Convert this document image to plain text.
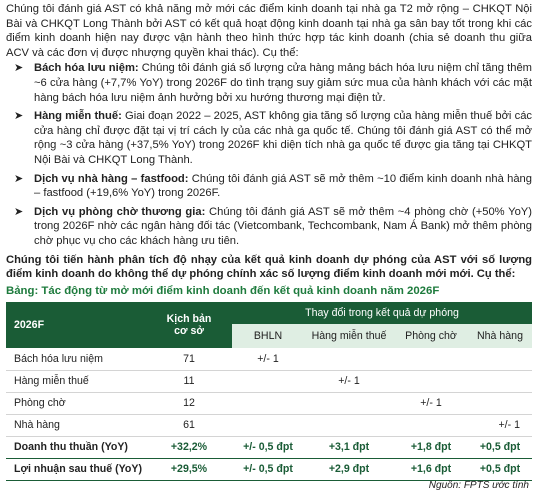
Chúng tôi đánh giá AST có khả năng mở mới các điểm kinh doanh tại nhà ga T2 mở rộng – CHKQT Nội Bài và CHKQT Long Thành bởi AST có kết quả hoạt động kinh doanh tại nhà ga sân bay tốt trong khi các điểm kinh doanh hiện nay được vận hành theo hình thức hợp tác kinh doanh (chia sẻ doanh thu giữa ACV và các đơn vị được nhượng quyền khai thác). Cụ thể:

➤ Bách hóa lưu niệm: Chúng tôi đánh giá số lượng cửa hàng mảng bách hóa lưu niệm chỉ tăng thêm ~6 cửa hàng (+7,7% YoY) trong 2026F do tình trạng suy giảm sức mua của hành khách với các mặt hàng bách hóa lưu niệm ảnh hưởng bởi xu hướng thương mại điện tử.
➤ Hàng miễn thuế: Giai đoạn 2022 – 2025, AST không gia tăng số lượng của hàng miễn thuế bởi các cửa hàng chỉ được đặt tại vị trí cách ly của các nhà ga quốc tế. Chúng tôi đánh giá AST có thể mở rộng ~3 cửa hàng (+37,5% YoY) trong 2026F khi diện tích nhà ga quốc tế được gia tăng tại CHKQT Nội Bài và CHKQT Long Thành.
➤ Dịch vụ nhà hàng – fastfood: Chúng tôi đánh giá AST sẽ mở thêm ~10 điểm kinh doanh nhà hàng – fastfood (+19,6% YoY) trong 2026F.
➤ Dịch vụ phòng chờ thương gia: Chúng tôi đánh giá AST sẽ mở thêm ~4 phòng chờ (+50% YoY) trong 2026F nhờ các ngân hàng đối tác (Vietcombank, Techcombank, Nam Á Bank) mở thêm phòng chờ phục vụ cho các khách hàng ưu tiên.

Chúng tôi tiến hành phân tích độ nhạy của kết quả kinh doanh dự phóng của AST với số lượng điểm kinh doanh do không thể dự phóng chính xác số lượng điểm kinh doanh mới mới. Cụ thể:

Bảng: Tác động từ mở mới điểm kinh doanh đến kết quả kinh doanh năm 2026F

2026F	Kịch bản
cơ sở	Thay đổi trong kết quả dự phóng			
		BHLN	Hàng miễn thuế	Phòng chờ	Nhà hàng
Bách hóa lưu niệm	71	+/- 1			
Hàng miễn thuế	11		+/- 1		
Phòng chờ	12			+/- 1	
Nhà hàng	61				+/- 1
Doanh thu thuần (YoY)	+32,2%	+/- 0,5 đpt	+3,1 đpt	+1,8 đpt	+0,5 đpt
Lợi nhuận sau thuế (YoY)	+29,5%	+/- 0,5 đpt	+2,9 đpt	+1,6 đpt	+0,5 đpt
Nguồn: FPTS ước tính
